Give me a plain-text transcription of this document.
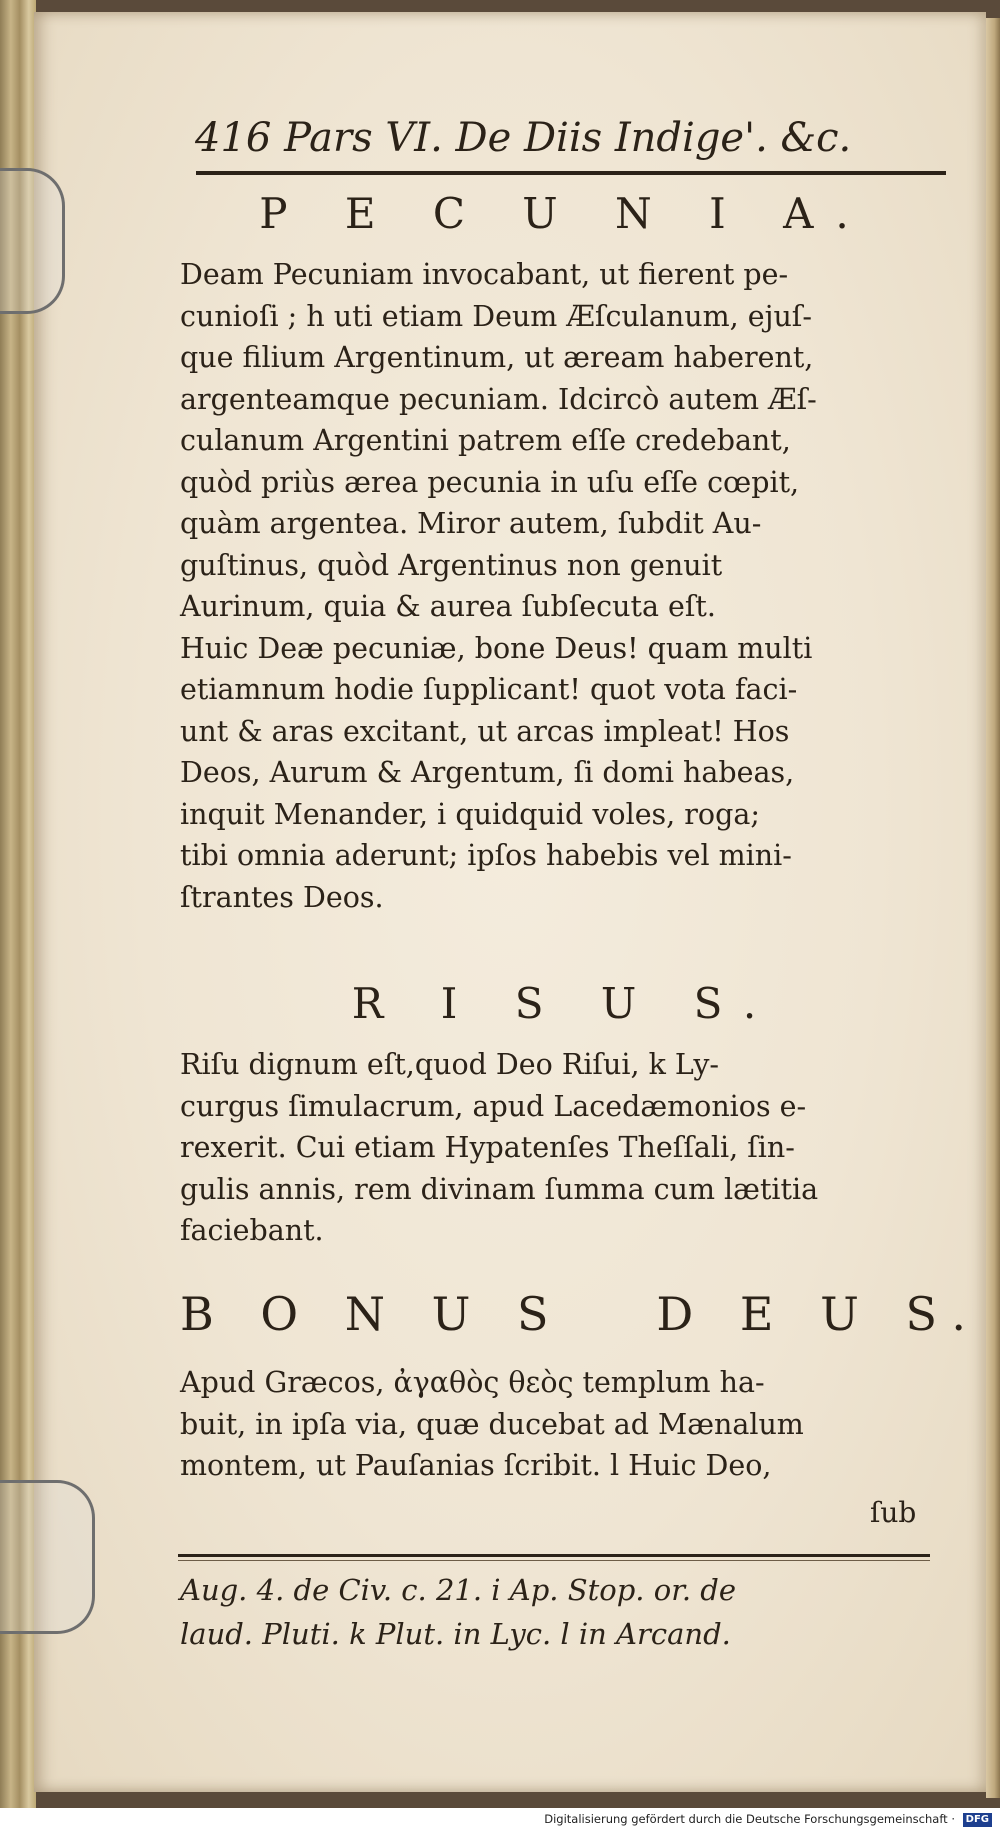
416 Pars VI. De Diis Indige'. &c.
P E C U N I A.
Deam Pecuniam invocabant, ut fierent pe-
cunioſi ; h uti etiam Deum Æſculanum, ejuſ-
que filium Argentinum, ut æream haberent,
argenteamque pecuniam. Idcircò autem Æſ-
culanum Argentini patrem eſſe credebant,
quòd priùs ærea pecunia in uſu eſſe cœpit,
quàm argentea. Miror autem, ſubdit Au-
guſtinus, quòd Argentinus non genuit
Aurinum, quia & aurea ſubſecuta eſt.
Huic Deæ pecuniæ, bone Deus! quam multi
etiamnum hodie ſupplicant! quot vota faci-
unt & aras excitant, ut arcas impleat! Hos
Deos, Aurum & Argentum, ſi domi habeas,
inquit Menander, i quidquid voles, roga;
tibi omnia aderunt; ipſos habebis vel mini-
ſtrantes Deos.
R I S U S.
Riſu dignum eſt,quod Deo Riſui, k Ly-
curgus ſimulacrum, apud Lacedæmonios e-
rexerit. Cui etiam Hypatenſes Theſſali, ſin-
gulis annis, rem divinam ſumma cum lætitia
faciebant.
B O N U S   D E U S.
Apud Græcos, ἀγαθὸς θεὸς templum ha-
buit, in ipſa via, quæ ducebat ad Mænalum
montem, ut Pauſanias ſcribit. l Huic Deo,
ſub
Aug. 4. de Civ. c. 21. i Ap. Stop. or. de
laud. Pluti. k Plut. in Lyc. l in Arcand.
Digitalisierung gefördert durch die Deutsche Forschungsgemeinschaft · DFG
